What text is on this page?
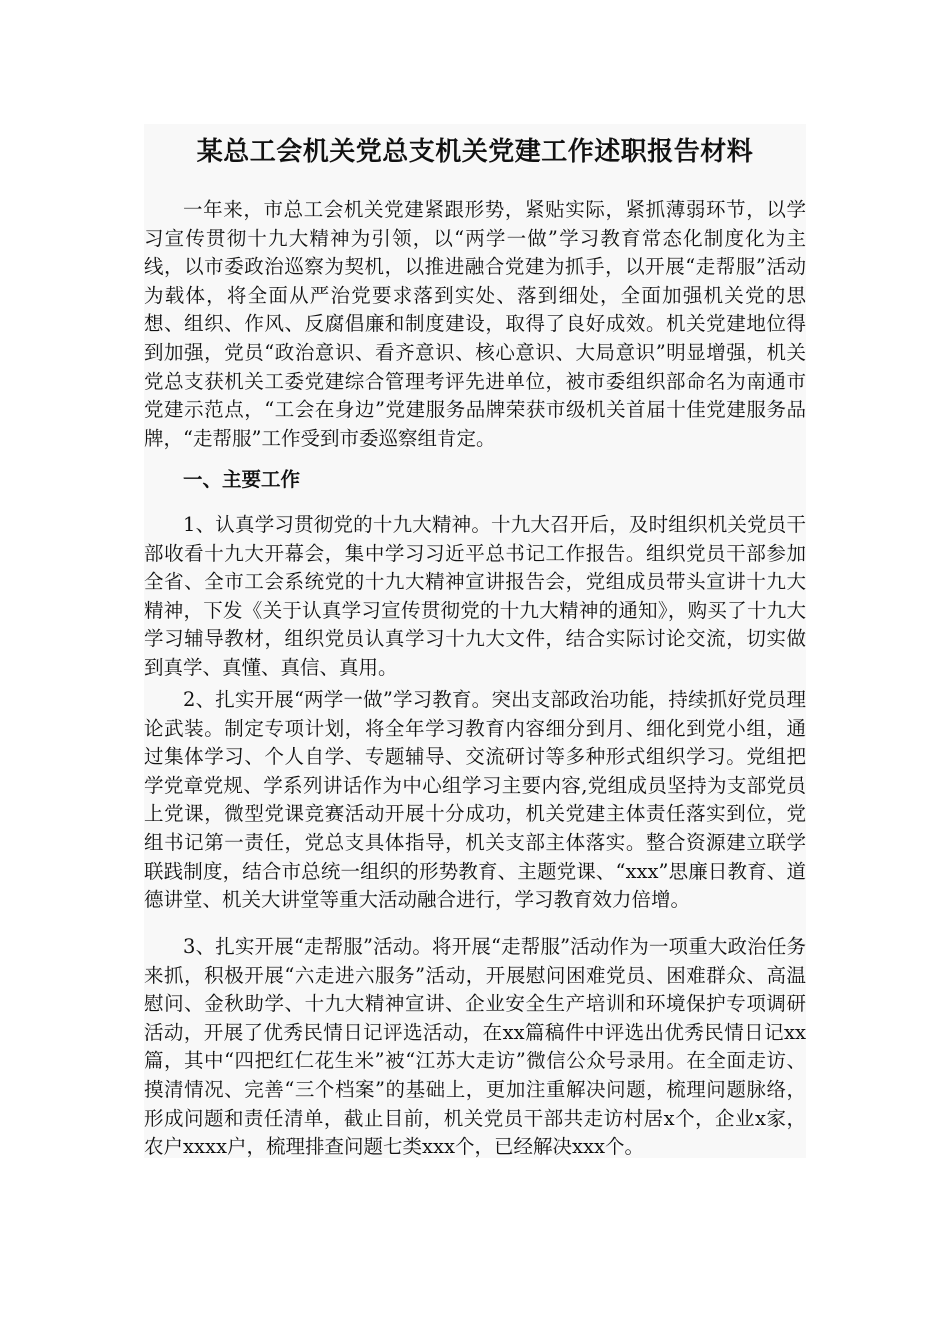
某总工会机关党总支机关党建工作述职报告材料

一年来，市总工会机关党建紧跟形势，紧贴实际，紧抓薄弱环节，以学习宣传贯彻十九大精神为引领，以“两学一做”学习教育常态化制度化为主线，以市委政治巡察为契机，以推进融合党建为抓手，以开展“走帮服”活动为载体，将全面从严治党要求落到实处、落到细处，全面加强机关党的思想、组织、作风、反腐倡廉和制度建设，取得了良好成效。机关党建地位得到加强，党员“政治意识、看齐意识、核心意识、大局意识”明显增强，机关党总支获机关工委党建综合管理考评先进单位，被市委组织部命名为南通市党建示范点，“工会在身边”党建服务品牌荣获市级机关首届十佳党建服务品牌，“走帮服”工作受到市委巡察组肯定。

一、主要工作

1、认真学习贯彻党的十九大精神。十九大召开后，及时组织机关党员干部收看十九大开幕会，集中学习习近平总书记工作报告。组织党员干部参加全省、全市工会系统党的十九大精神宣讲报告会，党组成员带头宣讲十九大精神，下发《关于认真学习宣传贯彻党的十九大精神的通知》，购买了十九大学习辅导教材，组织党员认真学习十九大文件，结合实际讨论交流，切实做到真学、真懂、真信、真用。

2、扎实开展“两学一做”学习教育。突出支部政治功能，持续抓好党员理论武装。制定专项计划，将全年学习教育内容细分到月、细化到党小组，通过集体学习、个人自学、专题辅导、交流研讨等多种形式组织学习。党组把学党章党规、学系列讲话作为中心组学习主要内容,党组成员坚持为支部党员上党课，微型党课竞赛活动开展十分成功，机关党建主体责任落实到位，党组书记第一责任，党总支具体指导，机关支部主体落实。整合资源建立联学联践制度，结合市总统一组织的形势教育、主题党课、“xxx”思廉日教育、道德讲堂、机关大讲堂等重大活动融合进行，学习教育效力倍增。

3、扎实开展“走帮服”活动。将开展“走帮服”活动作为一项重大政治任务来抓，积极开展“六走进六服务”活动，开展慰问困难党员、困难群众、高温慰问、金秋助学、十九大精神宣讲、企业安全生产培训和环境保护专项调研活动，开展了优秀民情日记评选活动，在xx篇稿件中评选出优秀民情日记xx篇，其中“四把红仁花生米”被“江苏大走访”微信公众号录用。在全面走访、摸清情况、完善“三个档案”的基础上，更加注重解决问题，梳理问题脉络，形成问题和责任清单，截止目前，机关党员干部共走访村居x个，企业x家，农户xxxx户，梳理排查问题七类xxx个，已经解决xxx个。
